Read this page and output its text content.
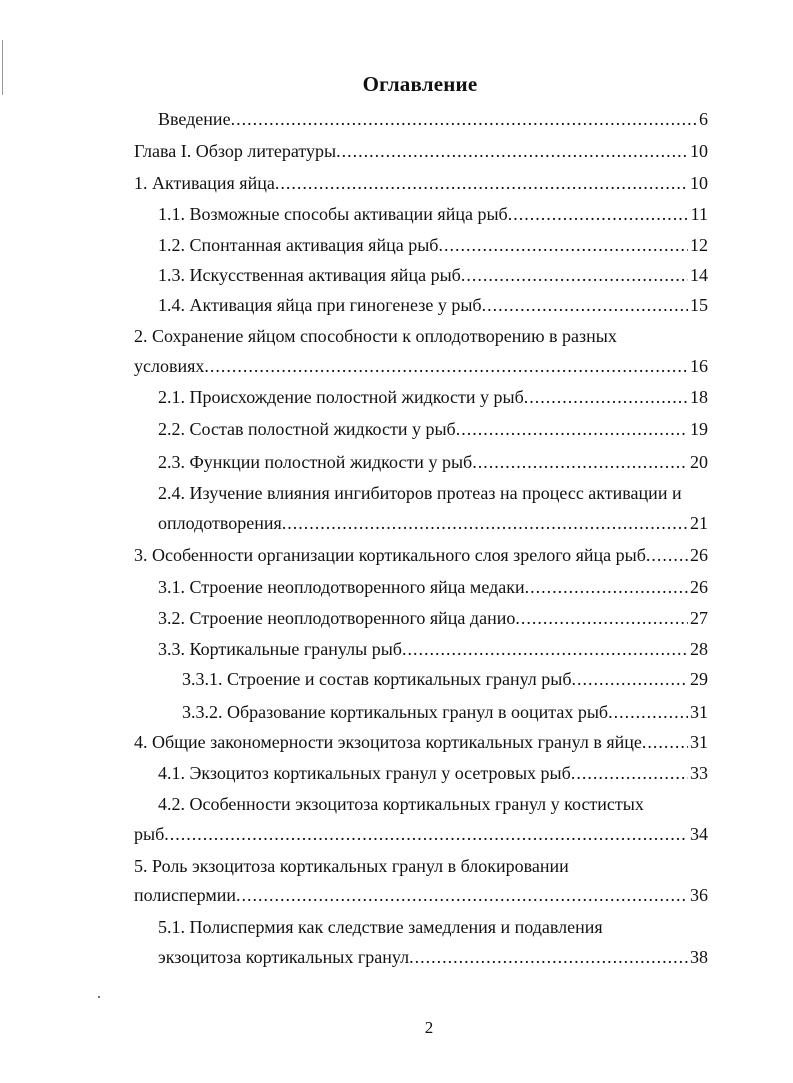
Оглавление
Введение .....	6
Глава I. Обзор литературы .....	10
1. Активация яйца .....	10
1.1. Возможные способы активации яйца рыб .....	11
1.2. Спонтанная активация яйца рыб .....	12
1.3. Искусственная активация яйца рыб .....	14
1.4. Активация яйца при гиногенезе у рыб .....	15
2. Сохранение яйцом способности к оплодотворению в разных
условиях .....	16
2.1. Происхождение полостной жидкости у рыб .....	18
2.2. Состав полостной жидкости у рыб .....	19
2.3. Функции полостной жидкости у рыб .....	20
2.4. Изучение влияния ингибиторов протеаз на процесс активации и
оплодотворения .....	21
3. Особенности организации кортикального слоя зрелого яйца рыб .....	26
3.1. Строение неоплодотворенного яйца медаки .....	26
3.2. Строение неоплодотворенного яйца данио .....	27
3.3. Кортикальные гранулы рыб .....	28
3.3.1. Строение и состав кортикальных гранул рыб .....	29
3.3.2. Образование кортикальных гранул в ооцитах рыб .....	31
4. Общие закономерности экзоцитоза кортикальных гранул в яйце .....	31
4.1. Экзоцитоз кортикальных гранул у осетровых рыб .....	33
4.2. Особенности экзоцитоза кортикальных гранул у костистых
рыб .....	34
5. Роль экзоцитоза кортикальных гранул в блокировании
полиспермии .....	36
5.1. Полиспермия как следствие замедления и подавления
экзоцитоза кортикальных гранул .....	38
2
